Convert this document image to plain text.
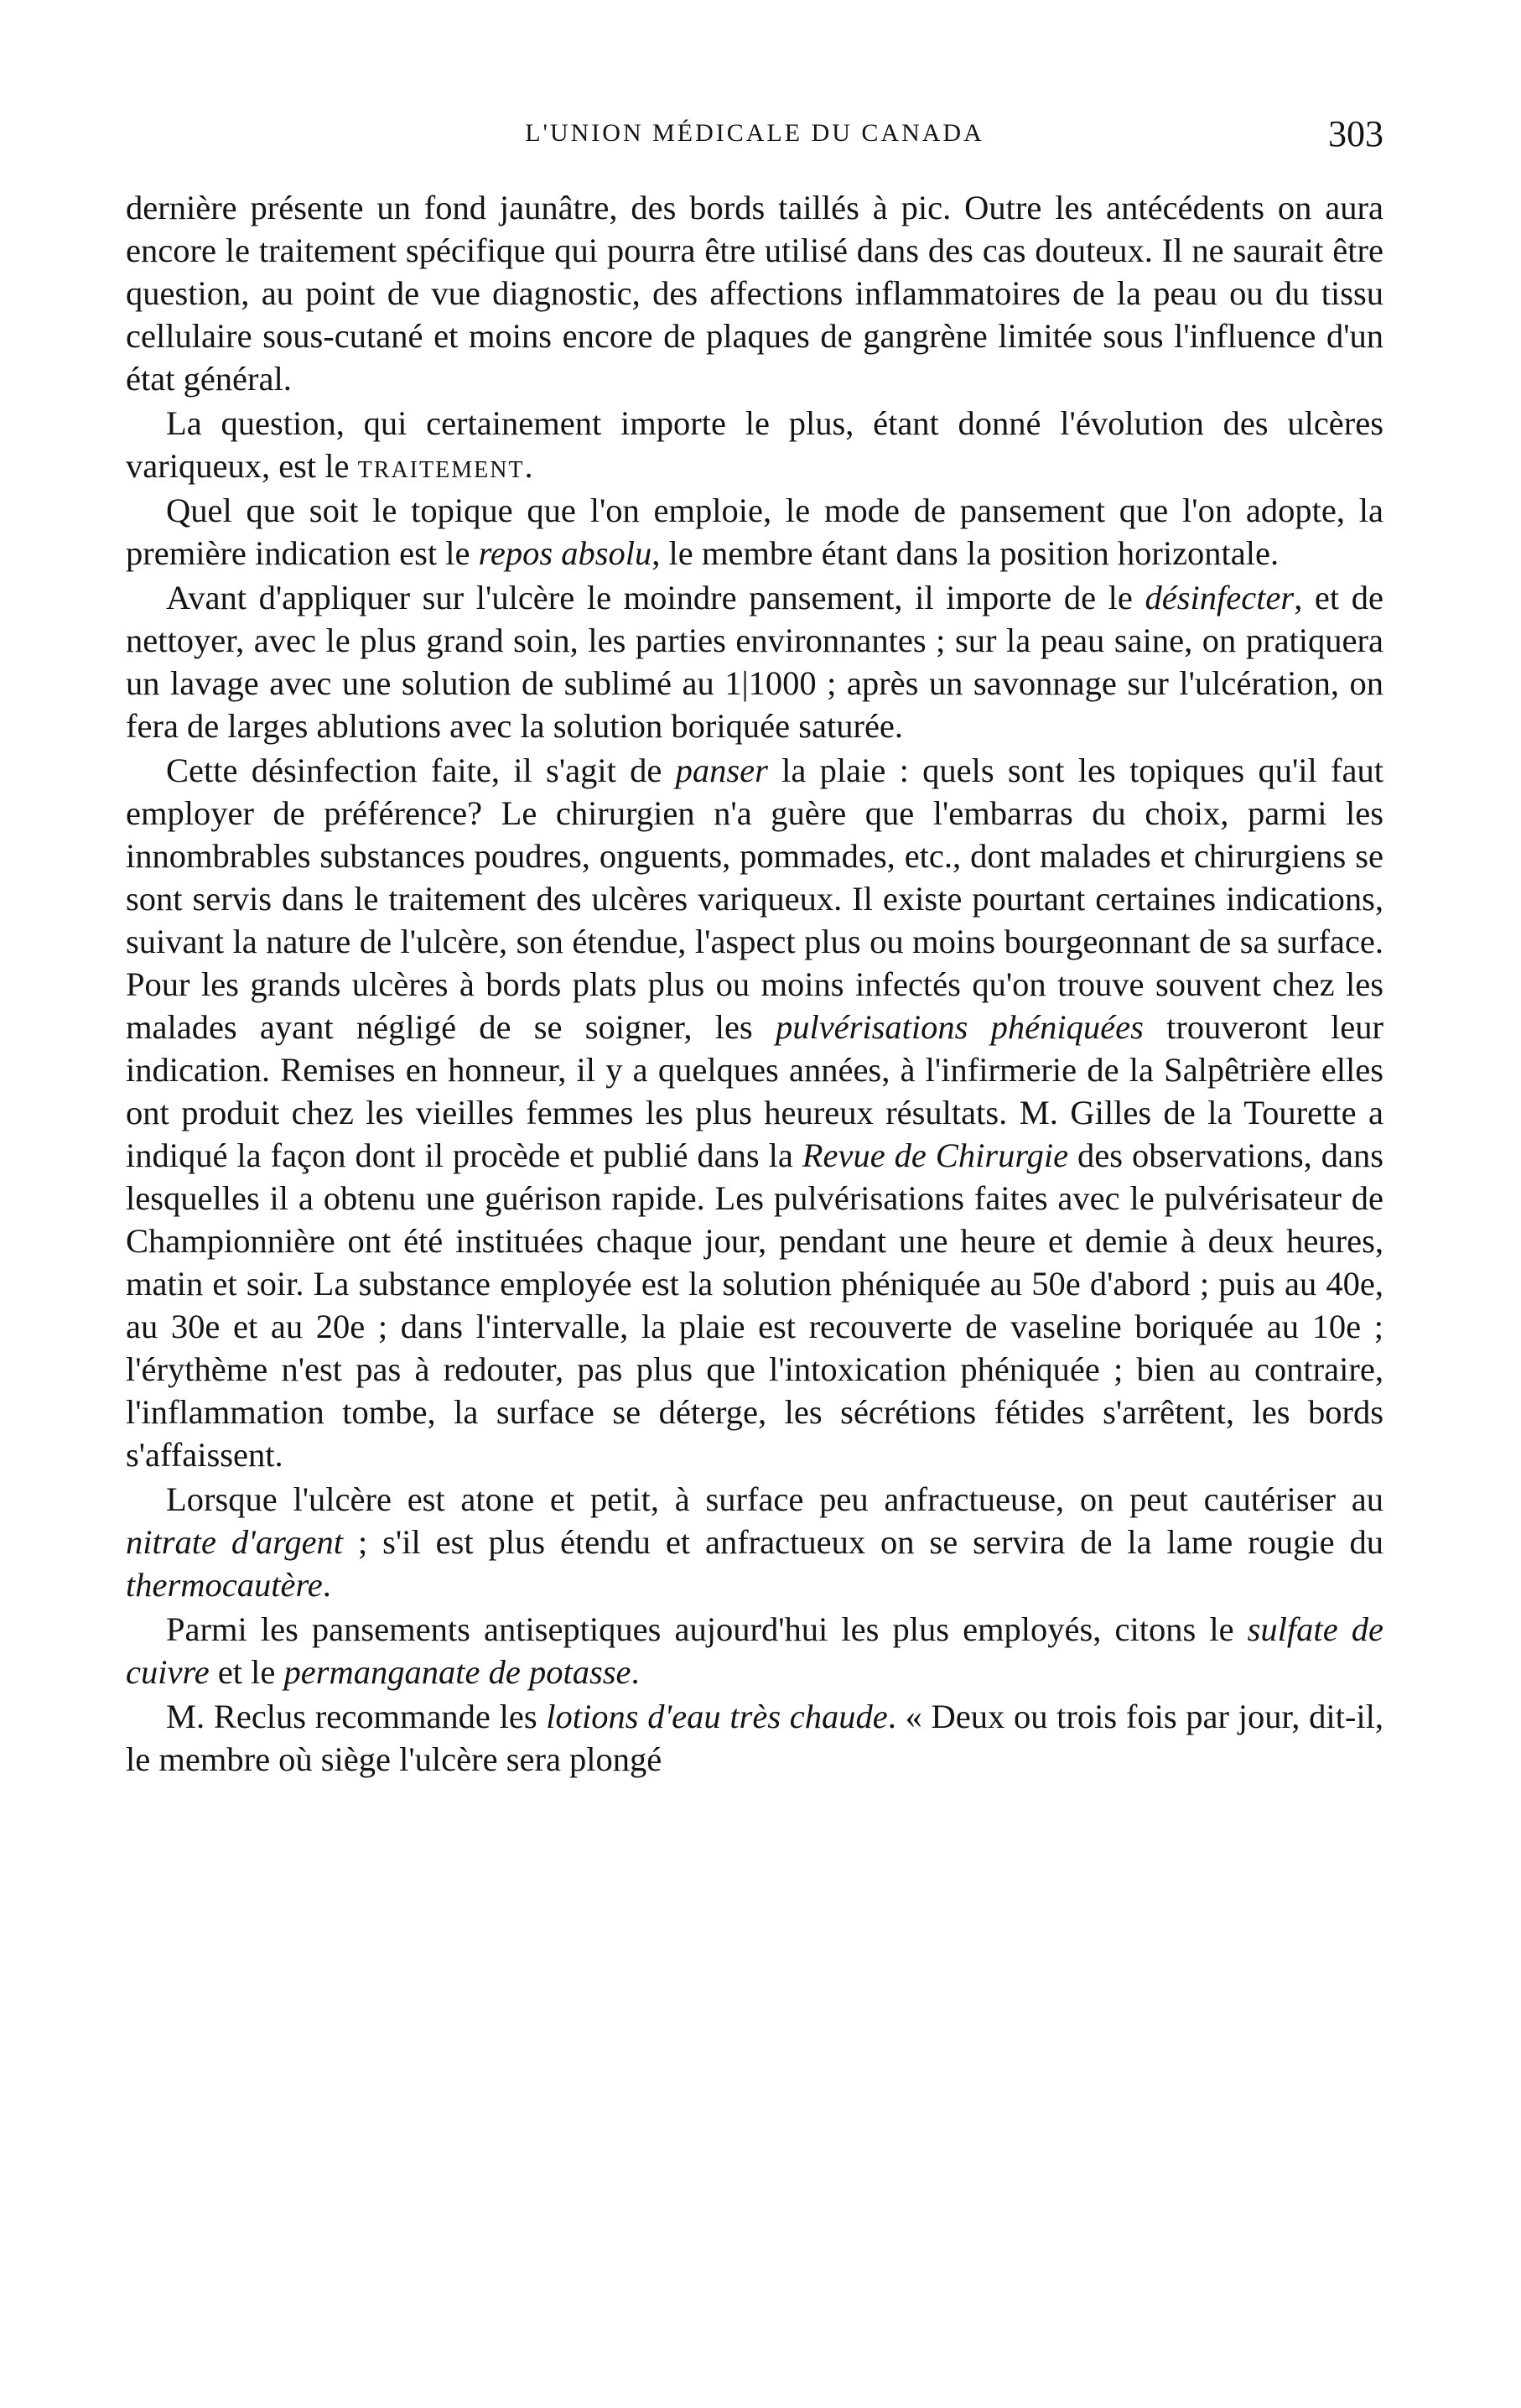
L'UNION MÉDICALE DU CANADA	303

dernière présente un fond jaunâtre, des bords taillés à pic. Outre les antécédents on aura encore le traitement spécifique qui pourra être utilisé dans des cas douteux. Il ne saurait être question, au point de vue diagnostic, des affections inflammatoires de la peau ou du tissu cellulaire sous-cutané et moins encore de plaques de gangrène limitée sous l'influence d'un état général.

La question, qui certainement importe le plus, étant donné l'évolution des ulcères variqueux, est le traitement.

Quel que soit le topique que l'on emploie, le mode de pansement que l'on adopte, la première indication est le repos absolu, le membre étant dans la position horizontale.

Avant d'appliquer sur l'ulcère le moindre pansement, il importe de le désinfecter, et de nettoyer, avec le plus grand soin, les parties environnantes ; sur la peau saine, on pratiquera un lavage avec une solution de sublimé au 1|1000 ; après un savonnage sur l'ulcération, on fera de larges ablutions avec la solution boriquée saturée.

Cette désinfection faite, il s'agit de panser la plaie : quels sont les topiques qu'il faut employer de préférence? Le chirurgien n'a guère que l'embarras du choix, parmi les innombrables substances poudres, onguents, pommades, etc., dont malades et chirurgiens se sont servis dans le traitement des ulcères variqueux. Il existe pourtant certaines indications, suivant la nature de l'ulcère, son étendue, l'aspect plus ou moins bourgeonnant de sa surface. Pour les grands ulcères à bords plats plus ou moins infectés qu'on trouve souvent chez les malades ayant négligé de se soigner, les pulvérisations phéniquées trouveront leur indication. Remises en honneur, il y a quelques années, à l'infirmerie de la Salpêtrière elles ont produit chez les vieilles femmes les plus heureux résultats. M. Gilles de la Tourette a indiqué la façon dont il procède et publié dans la Revue de Chirurgie des observations, dans lesquelles il a obtenu une guérison rapide. Les pulvérisations faites avec le pulvérisateur de Championnière ont été instituées chaque jour, pendant une heure et demie à deux heures, matin et soir. La substance employée est la solution phéniquée au 50e d'abord ; puis au 40e, au 30e et au 20e ; dans l'intervalle, la plaie est recouverte de vaseline boriquée au 10e ; l'érythème n'est pas à redouter, pas plus que l'intoxication phéniquée ; bien au contraire, l'inflammation tombe, la surface se déterge, les sécrétions fétides s'arrêtent, les bords s'affaissent.

Lorsque l'ulcère est atone et petit, à surface peu anfractueuse, on peut cautériser au nitrate d'argent ; s'il est plus étendu et anfractueux on se servira de la lame rougie du thermocautère.

Parmi les pansements antiseptiques aujourd'hui les plus employés, citons le sulfate de cuivre et le permanganate de potasse.

M. Reclus recommande les lotions d'eau très chaude. « Deux ou trois fois par jour, dit-il, le membre où siège l'ulcère sera plongé
